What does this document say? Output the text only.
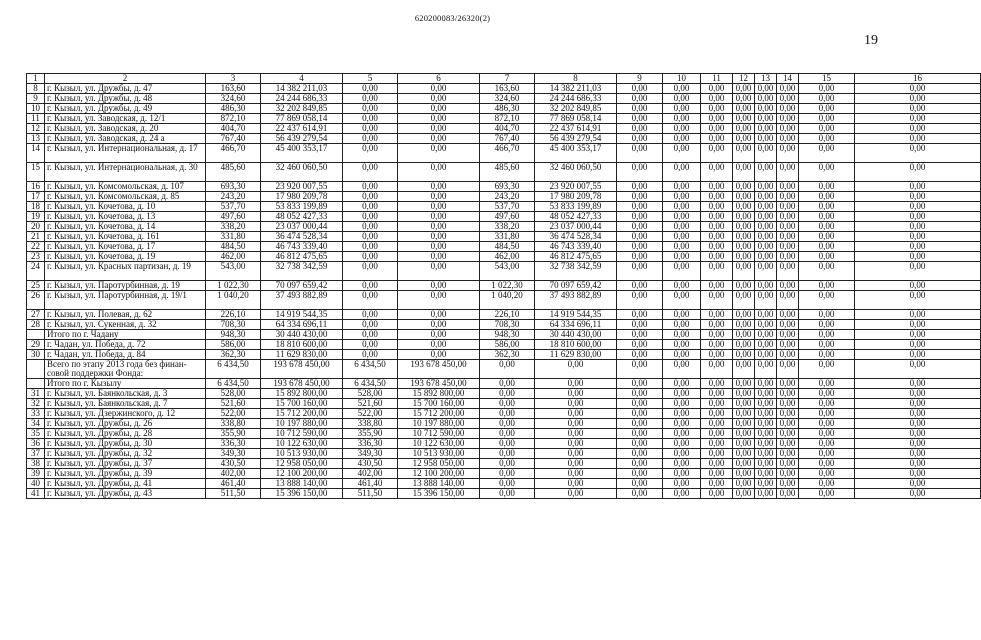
620200083/26320(2)
19
1	2	3	4	5	6	7	8	9	10	11	12	13	14	15	16
8	г. Кызыл, ул. Дружбы, д. 47	163,60	14 382 211,03	0,00	0,00	163,60	14 382 211,03	0,00	0,00	0,00	0,00	0,00	0,00	0,00	0,00
9	г. Кызыл, ул. Дружбы, д. 48	324,60	24 244 686,33	0,00	0,00	324,60	24 244 686,33	0,00	0,00	0,00	0,00	0,00	0,00	0,00	0,00
10	г. Кызыл, ул. Дружбы, д. 49	486,30	32 202 849,85	0,00	0,00	486,30	32 202 849,85	0,00	0,00	0,00	0,00	0,00	0,00	0,00	0,00
11	г. Кызыл, ул. Заводская, д. 12/1	872,10	77 869 058,14	0,00	0,00	872,10	77 869 058,14	0,00	0,00	0,00	0,00	0,00	0,00	0,00	0,00
12	г. Кызыл, ул. Заводская, д. 20	404,70	22 437 614,91	0,00	0,00	404,70	22 437 614,91	0,00	0,00	0,00	0,00	0,00	0,00	0,00	0,00
13	г. Кызыл, ул. Заводская, д. 24 а	767,40	56 439 279,54	0,00	0,00	767,40	56 439 279,54	0,00	0,00	0,00	0,00	0,00	0,00	0,00	0,00
14	г. Кызыл, ул. Интернациональная, д. 17	466,70	45 400 353,17	0,00	0,00	466,70	45 400 353,17	0,00	0,00	0,00	0,00	0,00	0,00	0,00	0,00
15	г. Кызыл, ул. Интернациональная, д. 30	485,60	32 460 060,50	0,00	0,00	485,60	32 460 060,50	0,00	0,00	0,00	0,00	0,00	0,00	0,00	0,00
16	г. Кызыл, ул. Комсомольская, д. 107	693,30	23 920 007,55	0,00	0,00	693,30	23 920 007,55	0,00	0,00	0,00	0,00	0,00	0,00	0,00	0,00
17	г. Кызыл, ул. Комсомольская, д. 85	243,20	17 980 209,78	0,00	0,00	243,20	17 980 209,78	0,00	0,00	0,00	0,00	0,00	0,00	0,00	0,00
18	г. Кызыл, ул. Кочетова, д. 10	537,70	53 833 199,89	0,00	0,00	537,70	53 833 199,89	0,00	0,00	0,00	0,00	0,00	0,00	0,00	0,00
19	г. Кызыл, ул. Кочетова, д. 13	497,60	48 052 427,33	0,00	0,00	497,60	48 052 427,33	0,00	0,00	0,00	0,00	0,00	0,00	0,00	0,00
20	г. Кызыл, ул. Кочетова, д. 14	338,20	23 037 000,44	0,00	0,00	338,20	23 037 000,44	0,00	0,00	0,00	0,00	0,00	0,00	0,00	0,00
21	г. Кызыл, ул. Кочетова, д. 161	331,80	36 474 528,34	0,00	0,00	331,80	36 474 528,34	0,00	0,00	0,00	0,00	0,00	0,00	0,00	0,00
22	г. Кызыл, ул. Кочетова, д. 17	484,50	46 743 339,40	0,00	0,00	484,50	46 743 339,40	0,00	0,00	0,00	0,00	0,00	0,00	0,00	0,00
23	г. Кызыл, ул. Кочетова, д. 19	462,00	46 812 475,65	0,00	0,00	462,00	46 812 475,65	0,00	0,00	0,00	0,00	0,00	0,00	0,00	0,00
24	г. Кызыл, ул. Красных партизан, д. 19	543,00	32 738 342,59	0,00	0,00	543,00	32 738 342,59	0,00	0,00	0,00	0,00	0,00	0,00	0,00	0,00
25	г. Кызыл, ул. Паротурбинная, д. 19	1 022,30	70 097 659,42	0,00	0,00	1 022,30	70 097 659,42	0,00	0,00	0,00	0,00	0,00	0,00	0,00	0,00
26	г. Кызыл, ул. Паротурбинная, д. 19/1	1 040,20	37 493 882,89	0,00	0,00	1 040,20	37 493 882,89	0,00	0,00	0,00	0,00	0,00	0,00	0,00	0,00
27	г. Кызыл, ул. Полевая, д. 62	226,10	14 919 544,35	0,00	0,00	226,10	14 919 544,35	0,00	0,00	0,00	0,00	0,00	0,00	0,00	0,00
28	г. Кызыл, ул. Сукенная, д. 32	708,30	64 334 696,11	0,00	0,00	708,30	64 334 696,11	0,00	0,00	0,00	0,00	0,00	0,00	0,00	0,00
	Итого по г. Чадану	948,30	30 440 430,00	0,00	0,00	948,30	30 440 430,00	0,00	0,00	0,00	0,00	0,00	0,00	0,00	0,00
29	г. Чадан, ул. Победа, д. 72	586,00	18 810 600,00	0,00	0,00	586,00	18 810 600,00	0,00	0,00	0,00	0,00	0,00	0,00	0,00	0,00
30	г. Чадан, ул. Победа, д. 84	362,30	11 629 830,00	0,00	0,00	362,30	11 629 830,00	0,00	0,00	0,00	0,00	0,00	0,00	0,00	0,00
	Всего по этапу 2013 года без финан-совой поддержки Фонда:	6 434,50	193 678 450,00	6 434,50	193 678 450,00	0,00	0,00	0,00	0,00	0,00	0,00	0,00	0,00	0,00	0,00
	Итого по г. Кызылу	6 434,50	193 678 450,00	6 434,50	193 678 450,00	0,00	0,00	0,00	0,00	0,00	0,00	0,00	0,00	0,00	0,00
31	г. Кызыл, ул. Баянкольская, д. 3	528,00	15 892 800,00	528,00	15 892 800,00	0,00	0,00	0,00	0,00	0,00	0,00	0,00	0,00	0,00	0,00
32	г. Кызыл, ул. Баянкольская, д. 7	521,60	15 700 160,00	521,60	15 700 160,00	0,00	0,00	0,00	0,00	0,00	0,00	0,00	0,00	0,00	0,00
33	г. Кызыл, ул. Дзержинского, д. 12	522,00	15 712 200,00	522,00	15 712 200,00	0,00	0,00	0,00	0,00	0,00	0,00	0,00	0,00	0,00	0,00
34	г. Кызыл, ул. Дружбы, д. 26	338,80	10 197 880,00	338,80	10 197 880,00	0,00	0,00	0,00	0,00	0,00	0,00	0,00	0,00	0,00	0,00
35	г. Кызыл, ул. Дружбы, д. 28	355,90	10 712 590,00	355,90	10 712 590,00	0,00	0,00	0,00	0,00	0,00	0,00	0,00	0,00	0,00	0,00
36	г. Кызыл, ул. Дружбы, д. 30	336,30	10 122 630,00	336,30	10 122 630,00	0,00	0,00	0,00	0,00	0,00	0,00	0,00	0,00	0,00	0,00
37	г. Кызыл, ул. Дружбы, д. 32	349,30	10 513 930,00	349,30	10 513 930,00	0,00	0,00	0,00	0,00	0,00	0,00	0,00	0,00	0,00	0,00
38	г. Кызыл, ул. Дружбы, д. 37	430,50	12 958 050,00	430,50	12 958 050,00	0,00	0,00	0,00	0,00	0,00	0,00	0,00	0,00	0,00	0,00
39	г. Кызыл, ул. Дружбы, д. 39	402,00	12 100 200,00	402,00	12 100 200,00	0,00	0,00	0,00	0,00	0,00	0,00	0,00	0,00	0,00	0,00
40	г. Кызыл, ул. Дружбы, д. 41	461,40	13 888 140,00	461,40	13 888 140,00	0,00	0,00	0,00	0,00	0,00	0,00	0,00	0,00	0,00	0,00
41	г. Кызыл, ул. Дружбы, д. 43	511,50	15 396 150,00	511,50	15 396 150,00	0,00	0,00	0,00	0,00	0,00	0,00	0,00	0,00	0,00	0,00
